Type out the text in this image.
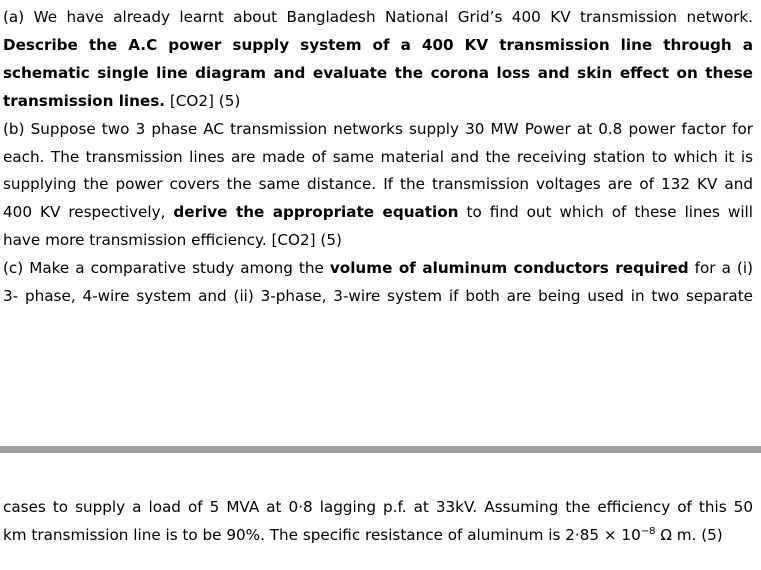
(a) We have already learnt about Bangladesh National Grid’s 400 KV transmission network.
Describe the A.C power supply system of a 400 KV transmission line through a
schematic single line diagram and evaluate the corona loss and skin effect on these
transmission lines. [CO2] (5)
(b) Suppose two 3 phase AC transmission networks supply 30 MW Power at 0.8 power factor for
each. The transmission lines are made of same material and the receiving station to which it is
supplying the power covers the same distance. If the transmission voltages are of 132 KV and
400 KV respectively, derive the appropriate equation to find out which of these lines will
have more transmission efficiency. [CO2] (5)
(c) Make a comparative study among the volume of aluminum conductors required for a (i)
3- phase, 4-wire system and (ii) 3-phase, 3-wire system if both are being used in two separate
cases to supply a load of 5 MVA at 0·8 lagging p.f. at 33kV. Assuming the efficiency of this 50
km transmission line is to be 90%. The specific resistance of aluminum is $2\cdot 85 \times 10^{-8}$ Ω m. (5)
